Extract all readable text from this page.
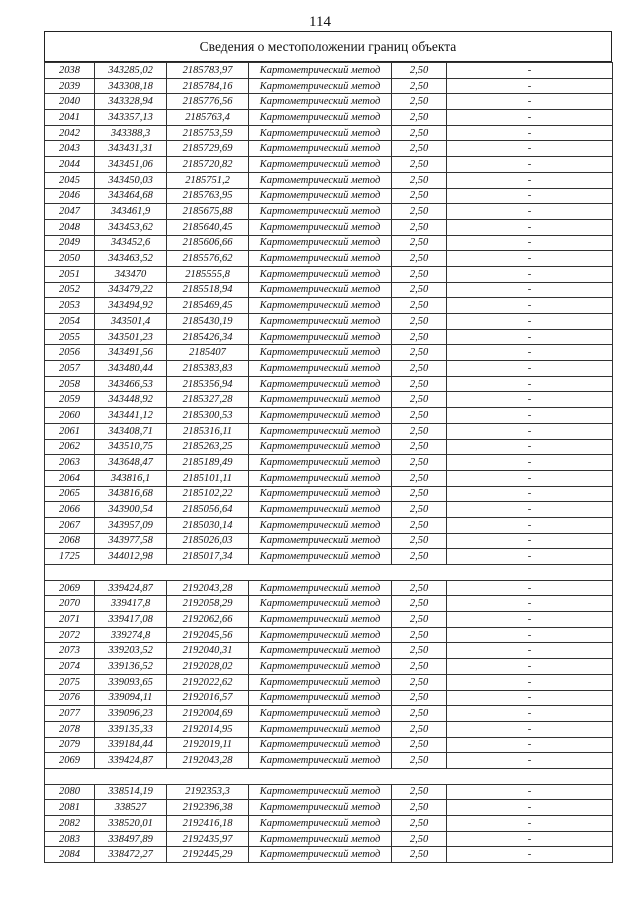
114
Сведения о местоположении границ объекта
2038	343285,02	2185783,97	Картометрический метод	2,50	-
2039	343308,18	2185784,16	Картометрический метод	2,50	-
2040	343328,94	2185776,56	Картометрический метод	2,50	-
2041	343357,13	2185763,4	Картометрический метод	2,50	-
2042	343388,3	2185753,59	Картометрический метод	2,50	-
2043	343431,31	2185729,69	Картометрический метод	2,50	-
2044	343451,06	2185720,82	Картометрический метод	2,50	-
2045	343450,03	2185751,2	Картометрический метод	2,50	-
2046	343464,68	2185763,95	Картометрический метод	2,50	-
2047	343461,9	2185675,88	Картометрический метод	2,50	-
2048	343453,62	2185640,45	Картометрический метод	2,50	-
2049	343452,6	2185606,66	Картометрический метод	2,50	-
2050	343463,52	2185576,62	Картометрический метод	2,50	-
2051	343470	2185555,8	Картометрический метод	2,50	-
2052	343479,22	2185518,94	Картометрический метод	2,50	-
2053	343494,92	2185469,45	Картометрический метод	2,50	-
2054	343501,4	2185430,19	Картометрический метод	2,50	-
2055	343501,23	2185426,34	Картометрический метод	2,50	-
2056	343491,56	2185407	Картометрический метод	2,50	-
2057	343480,44	2185383,83	Картометрический метод	2,50	-
2058	343466,53	2185356,94	Картометрический метод	2,50	-
2059	343448,92	2185327,28	Картометрический метод	2,50	-
2060	343441,12	2185300,53	Картометрический метод	2,50	-
2061	343408,71	2185316,11	Картометрический метод	2,50	-
2062	343510,75	2185263,25	Картометрический метод	2,50	-
2063	343648,47	2185189,49	Картометрический метод	2,50	-
2064	343816,1	2185101,11	Картометрический метод	2,50	-
2065	343816,68	2185102,22	Картометрический метод	2,50	-
2066	343900,54	2185056,64	Картометрический метод	2,50	-
2067	343957,09	2185030,14	Картометрический метод	2,50	-
2068	343977,58	2185026,03	Картометрический метод	2,50	-
1725	344012,98	2185017,34	Картометрический метод	2,50	-

2069	339424,87	2192043,28	Картометрический метод	2,50	-
2070	339417,8	2192058,29	Картометрический метод	2,50	-
2071	339417,08	2192062,66	Картометрический метод	2,50	-
2072	339274,8	2192045,56	Картометрический метод	2,50	-
2073	339203,52	2192040,31	Картометрический метод	2,50	-
2074	339136,52	2192028,02	Картометрический метод	2,50	-
2075	339093,65	2192022,62	Картометрический метод	2,50	-
2076	339094,11	2192016,57	Картометрический метод	2,50	-
2077	339096,23	2192004,69	Картометрический метод	2,50	-
2078	339135,33	2192014,95	Картометрический метод	2,50	-
2079	339184,44	2192019,11	Картометрический метод	2,50	-
2069	339424,87	2192043,28	Картометрический метод	2,50	-

2080	338514,19	2192353,3	Картометрический метод	2,50	-
2081	338527	2192396,38	Картометрический метод	2,50	-
2082	338520,01	2192416,18	Картометрический метод	2,50	-
2083	338497,89	2192435,97	Картометрический метод	2,50	-
2084	338472,27	2192445,29	Картометрический метод	2,50	-
